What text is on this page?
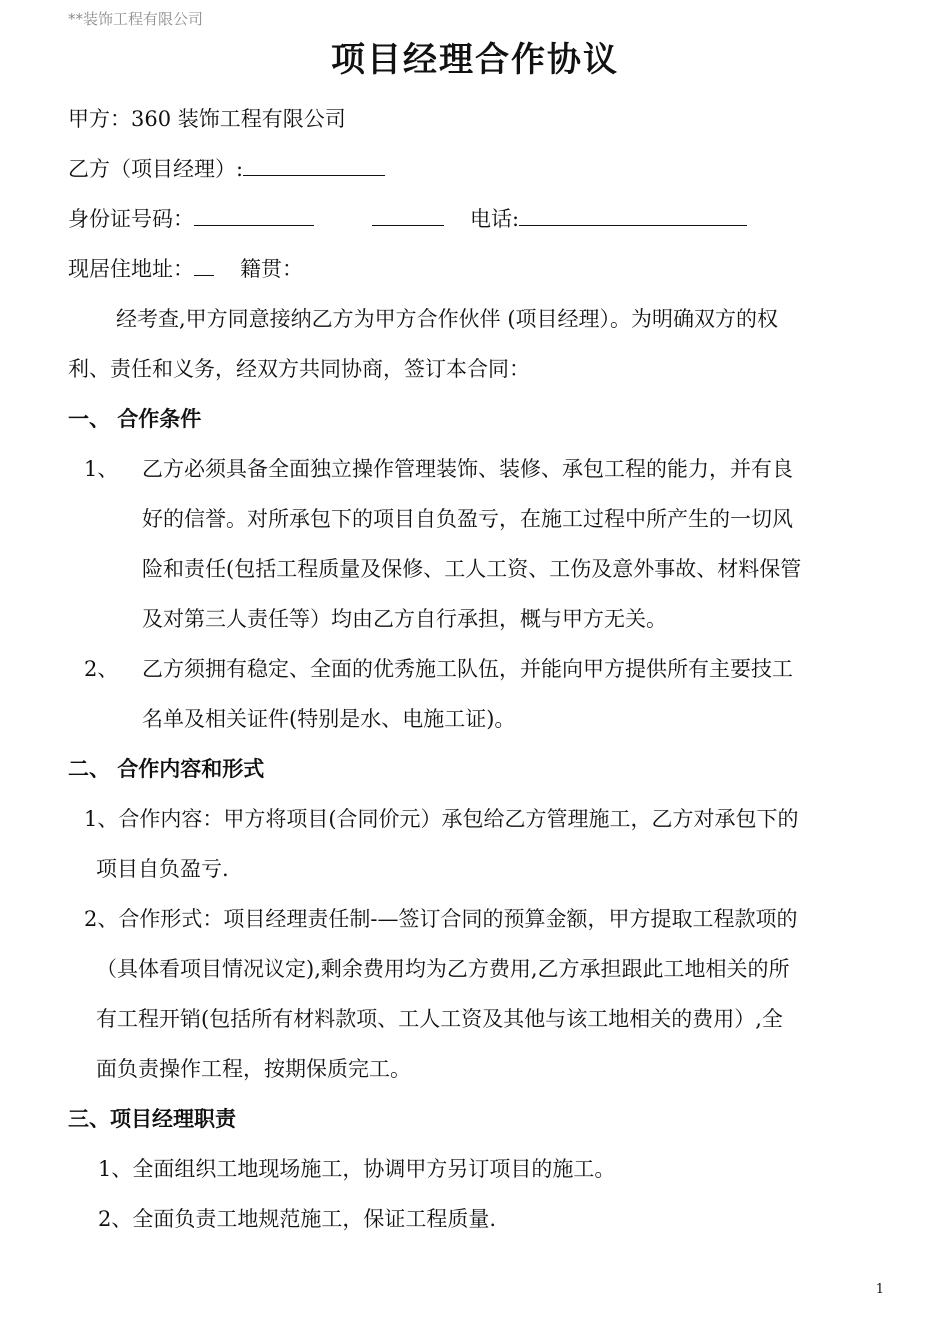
**装饰工程有限公司
项目经理合作协议
甲方：360 装饰工程有限公司
乙方（项目经理）:
身份证号码：	电话:
现居住地址： 籍贯：
经考查,甲方同意接纳乙方为甲方合作伙伴 (项目经理）。为明确双方的权
利、责任和义务，经双方共同协商，签订本合同：
一、 合作条件
1、 乙方必须具备全面独立操作管理装饰、装修、承包工程的能力，并有良
好的信誉。对所承包下的项目自负盈亏，在施工过程中所产生的一切风
险和责任(包括工程质量及保修、工人工资、工伤及意外事故、材料保管
及对第三人责任等）均由乙方自行承担，概与甲方无关。
2、 乙方须拥有稳定、全面的优秀施工队伍，并能向甲方提供所有主要技工
名单及相关证件(特别是水、电施工证)。
二、 合作内容和形式
1、合作内容：甲方将项目(合同价元）承包给乙方管理施工，乙方对承包下的
项目自负盈亏.
2、合作形式：项目经理责任制-—签订合同的预算金额，甲方提取工程款项的
（具体看项目情况议定),剩余费用均为乙方费用,乙方承担跟此工地相关的所
有工程开销(包括所有材料款项、工人工资及其他与该工地相关的费用）,全
面负责操作工程，按期保质完工。
三、项目经理职责
1、全面组织工地现场施工，协调甲方另订项目的施工。
2、全面负责工地规范施工，保证工程质量.
1
